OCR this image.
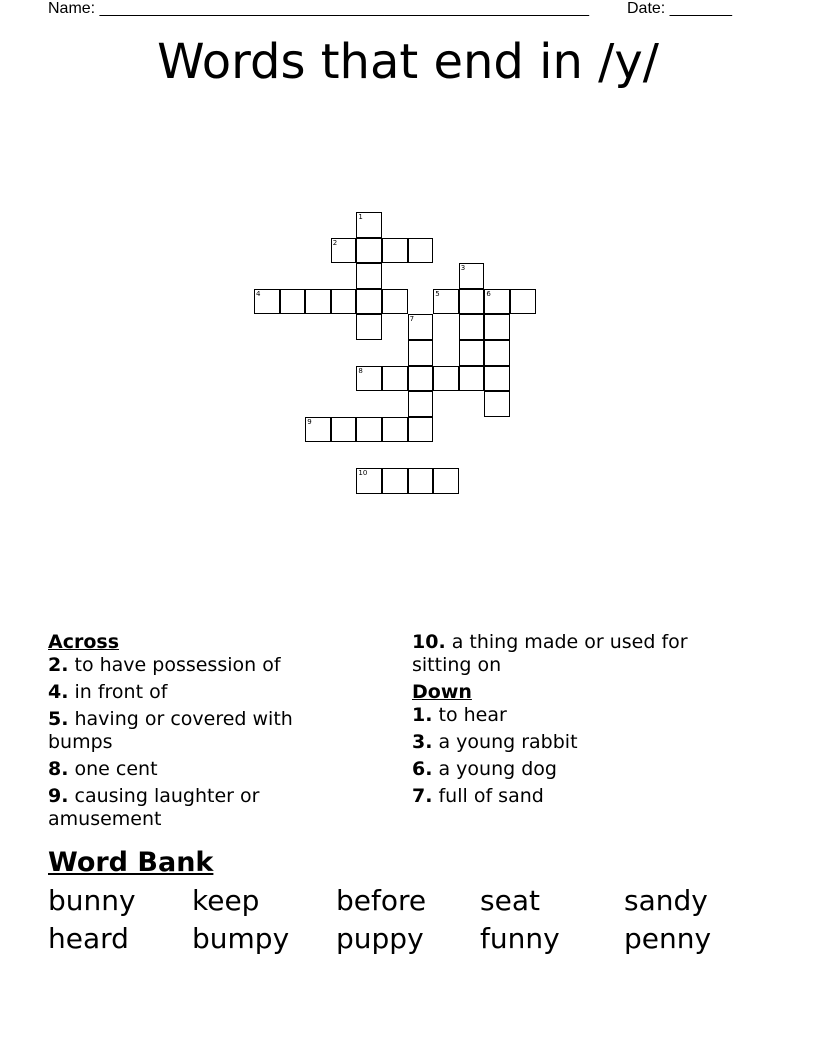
Name: _______________________________________________________ Date: _______
Words that end in /y/
1
2
3
4	5	6
7
8
9
10
Across
2. to have possession of
4. in front of
5. having or covered with bumps
8. one cent
9. causing laughter or amusement
10. a thing made or used for sitting on
Down
1. to hear
3. a young rabbit
6. a young dog
7. full of sand
Word Bank
bunny keep	before seat	sandy
heard bumpy puppy funny penny
